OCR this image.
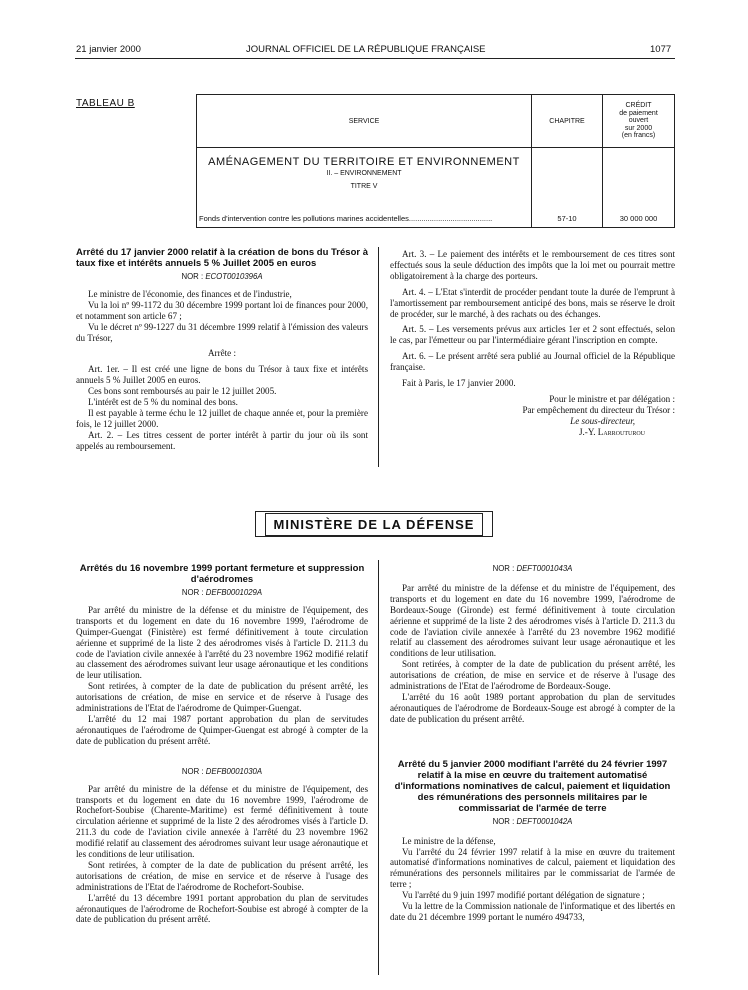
21 janvier 2000	JOURNAL OFFICIEL DE LA RÉPUBLIQUE FRANÇAISE	1077
TABLEAU B
SERVICE	CHAPITRE	CRÉDIT
de paiement
ouvert
sur 2000
(en francs)

AMÉNAGEMENT DU TERRITOIRE ET ENVIRONNEMENT
II. – ENVIRONNEMENT
TITRE V		

Fonds d'intervention contre les pollutions marines accidentelles........................................	57-10	30 000 000
Arrêté du 17 janvier 2000 relatif à la création de bons du Trésor à taux fixe et intérêts annuels 5 % Juillet 2005 en euros
NOR : ECOT0010396A

Le ministre de l'économie, des finances et de l'industrie,

Vu la loi nº 99-1172 du 30 décembre 1999 portant loi de finances pour 2000, et notamment son article 67 ;

Vu le décret nº 99-1227 du 31 décembre 1999 relatif à l'émission des valeurs du Trésor,

Arrête :

Art. 1er. – Il est créé une ligne de bons du Trésor à taux fixe et intérêts annuels 5 % Juillet 2005 en euros.

Ces bons sont remboursés au pair le 12 juillet 2005.

L'intérêt est de 5 % du nominal des bons.

Il est payable à terme échu le 12 juillet de chaque année et, pour la première fois, le 12 juillet 2000.

Art. 2. – Les titres cessent de porter intérêt à partir du jour où ils sont appelés au remboursement.

Art. 3. – Le paiement des intérêts et le remboursement de ces titres sont effectués sous la seule déduction des impôts que la loi met ou pourrait mettre obligatoirement à la charge des porteurs.

Art. 4. – L'Etat s'interdit de procéder pendant toute la durée de l'emprunt à l'amortissement par remboursement anticipé des bons, mais se réserve le droit de procéder, sur le marché, à des rachats ou des échanges.

Art. 5. – Les versements prévus aux articles 1er et 2 sont effectués, selon le cas, par l'émetteur ou par l'intermédiaire gérant l'inscription en compte.

Art. 6. – Le présent arrêté sera publié au Journal officiel de la République française.

Fait à Paris, le 17 janvier 2000.

Pour le ministre et par délégation :

Par empêchement du directeur du Trésor :

Le sous-directeur,

J.-Y. Larrouturou

MINISTÈRE DE LA DÉFENSE
Arrêtés du 16 novembre 1999 portant fermeture et suppression d'aérodromes
NOR : DEFB0001029A

Par arrêté du ministre de la défense et du ministre de l'équipement, des transports et du logement en date du 16 novembre 1999, l'aérodrome de Quimper-Guengat (Finistère) est fermé définitivement à toute circulation aérienne et supprimé de la liste 2 des aérodromes visés à l'article D. 211.3 du code de l'aviation civile annexée à l'arrêté du 23 novembre 1962 modifié relatif au classement des aérodromes suivant leur usage aéronautique et les conditions de leur utilisation.

Sont retirées, à compter de la date de publication du présent arrêté, les autorisations de création, de mise en service et de réserve à l'usage des administrations de l'Etat de l'aérodrome de Quimper-Guengat.

L'arrêté du 12 mai 1987 portant approbation du plan de servitudes aéronautiques de l'aérodrome de Quimper-Guengat est abrogé à compter de la date de publication du présent arrêté.

NOR : DEFB0001030A

Par arrêté du ministre de la défense et du ministre de l'équipement, des transports et du logement en date du 16 novembre 1999, l'aérodrome de Rochefort-Soubise (Charente-Maritime) est fermé définitivement à toute circulation aérienne et supprimé de la liste 2 des aérodromes visés à l'article D. 211.3 du code de l'aviation civile annexée à l'arrêté du 23 novembre 1962 modifié relatif au classement des aérodromes suivant leur usage aéronautique et les conditions de leur utilisation.

Sont retirées, à compter de la date de publication du présent arrêté, les autorisations de création, de mise en service et de réserve à l'usage des administrations de l'Etat de l'aérodrome de Rochefort-Soubise.

L'arrêté du 13 décembre 1991 portant approbation du plan de servitudes aéronautiques de l'aérodrome de Rochefort-Soubise est abrogé à compter de la date de publication du présent arrêté.

NOR : DEFT0001043A

Par arrêté du ministre de la défense et du ministre de l'équipement, des transports et du logement en date du 16 novembre 1999, l'aérodrome de Bordeaux-Souge (Gironde) est fermé définitivement à toute circulation aérienne et supprimé de la liste 2 des aérodromes visés à l'article D. 211.3 du code de l'aviation civile annexée à l'arrêté du 23 novembre 1962 modifié relatif au classement des aérodromes suivant leur usage aéronautique et les conditions de leur utilisation.

Sont retirées, à compter de la date de publication du présent arrêté, les autorisations de création, de mise en service et de réserve à l'usage des administrations de l'Etat de l'aérodrome de Bordeaux-Souge.

L'arrêté du 16 août 1989 portant approbation du plan de servitudes aéronautiques de l'aérodrome de Bordeaux-Souge est abrogé à compter de la date de publication du présent arrêté.

Arrêté du 5 janvier 2000 modifiant l'arrêté du 24 février 1997 relatif à la mise en œuvre du traitement automatisé d'informations nominatives de calcul, paiement et liquidation des rémunérations des personnels militaires par le commissariat de l'armée de terre
NOR : DEFT0001042A

Le ministre de la défense,

Vu l'arrêté du 24 février 1997 relatif à la mise en œuvre du traitement automatisé d'informations nominatives de calcul, paiement et liquidation des rémunérations des personnels militaires par le commissariat de l'armée de terre ;

Vu l'arrêté du 9 juin 1997 modifié portant délégation de signature ;

Vu la lettre de la Commission nationale de l'informatique et des libertés en date du 21 décembre 1999 portant le numéro 494733,
